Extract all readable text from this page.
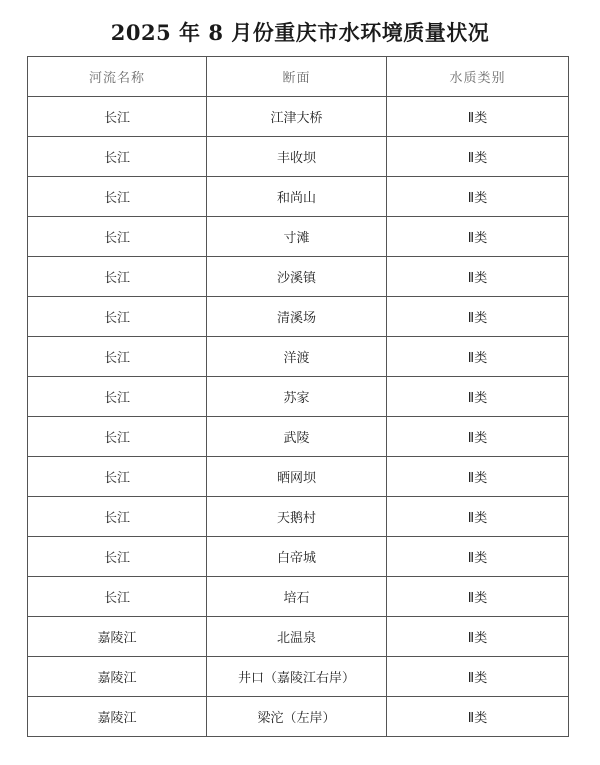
2025 年 8 月份重庆市水环境质量状况
河流名称	断面	水质类别
长江	江津大桥	Ⅱ类
长江	丰收坝	Ⅱ类
长江	和尚山	Ⅱ类
长江	寸滩	Ⅱ类
长江	沙溪镇	Ⅱ类
长江	清溪场	Ⅱ类
长江	洋渡	Ⅱ类
长江	苏家	Ⅱ类
长江	武陵	Ⅱ类
长江	晒网坝	Ⅱ类
长江	天鹅村	Ⅱ类
长江	白帝城	Ⅱ类
长江	培石	Ⅱ类
嘉陵江	北温泉	Ⅱ类
嘉陵江	井口（嘉陵江右岸）	Ⅱ类
嘉陵江	梁沱（左岸）	Ⅱ类
